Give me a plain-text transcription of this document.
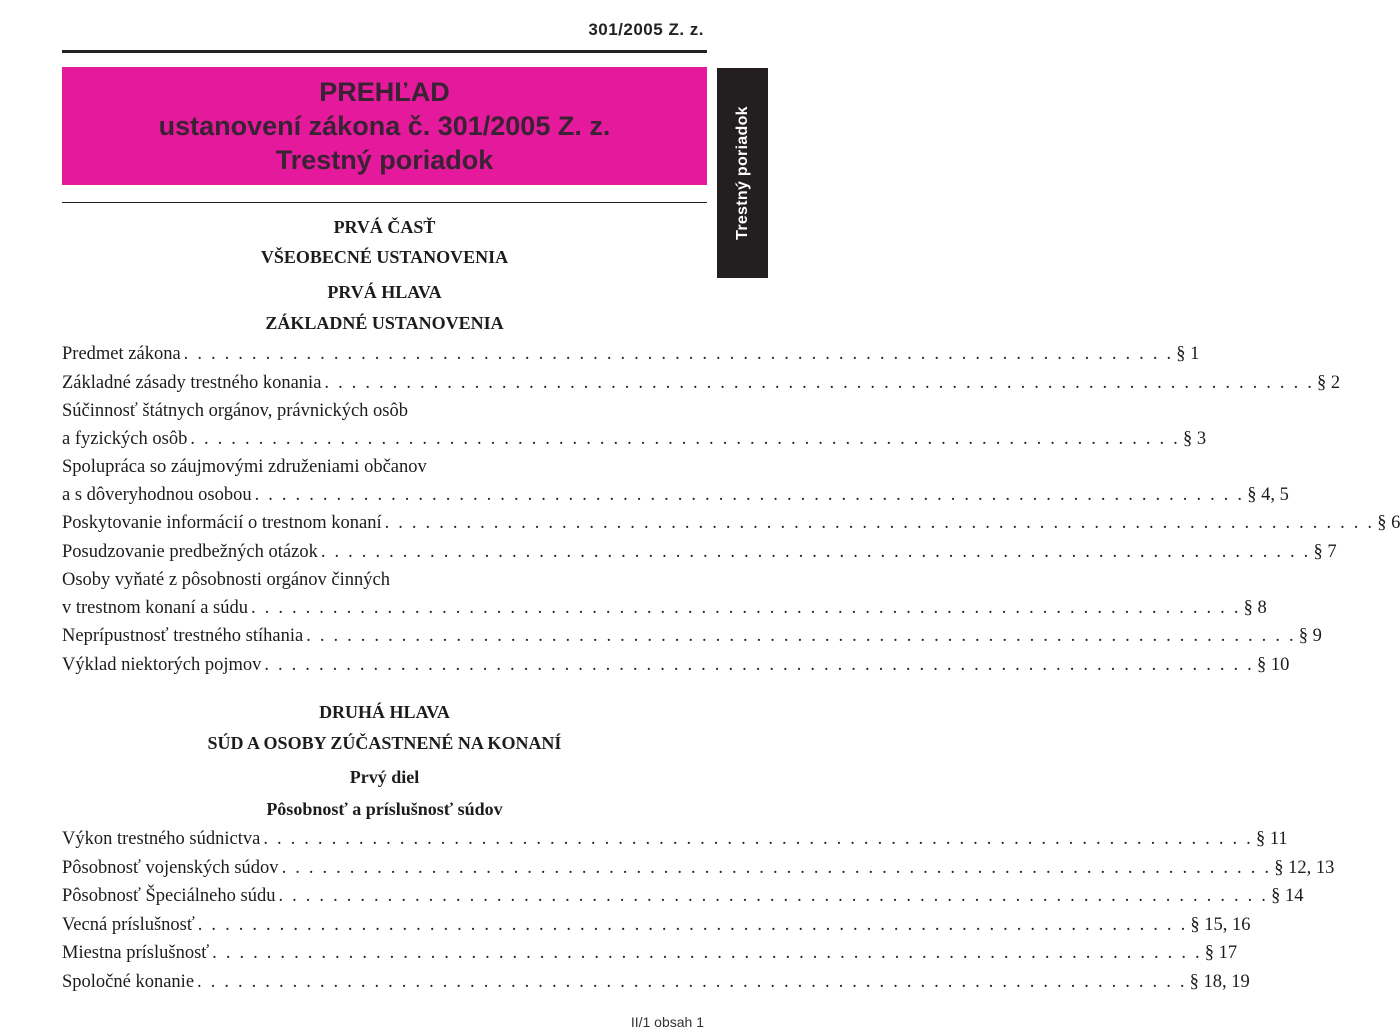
301/2005 Z. z.
PREHĽAD
ustanovení zákona č. 301/2005 Z. z.
Trestný poriadok	Trestný poriadok
PRVÁ ČASŤ
VŠEOBECNÉ USTANOVENIA
PRVÁ HLAVA
ZÁKLADNÉ USTANOVENIA
Predmet zákona . . . . . . . . . . . . . . . . . . . . . . . . . . . . . . . . . . . . . . . . . . . . . . . . . . . . . . . . . . . . . . . . . . . . . . . . . § 1
Základné zásady trestného konania . . . . . . . . . . . . . . . . . . . . . . . . . . . . . . . . . . . . . . . . . . . . . . . . . . . . . . . . . . . . . . . . . . . . . . . . . § 2
Súčinnosť štátnych orgánov, právnických osôb
a fyzických osôb . . . . . . . . . . . . . . . . . . . . . . . . . . . . . . . . . . . . . . . . . . . . . . . . . . . . . . . . . . . . . . . . . . . . . . . . . § 3
Spolupráca so záujmovými združeniami občanov
a s dôveryhodnou osobou . . . . . . . . . . . . . . . . . . . . . . . . . . . . . . . . . . . . . . . . . . . . . . . . . . . . . . . . . . . . . . . . . . . . . . . . . § 4, 5
Poskytovanie informácií o trestnom konaní . . . . . . . . . . . . . . . . . . . . . . . . . . . . . . . . . . . . . . . . . . . . . . . . . . . . . . . . . . . . . . . . . . . . . . . . . § 6
Posudzovanie predbežných otázok . . . . . . . . . . . . . . . . . . . . . . . . . . . . . . . . . . . . . . . . . . . . . . . . . . . . . . . . . . . . . . . . . . . . . . . . . § 7
Osoby vyňaté z pôsobnosti orgánov činných
v trestnom konaní a súdu . . . . . . . . . . . . . . . . . . . . . . . . . . . . . . . . . . . . . . . . . . . . . . . . . . . . . . . . . . . . . . . . . . . . . . . . . § 8
Neprípustnosť trestného stíhania . . . . . . . . . . . . . . . . . . . . . . . . . . . . . . . . . . . . . . . . . . . . . . . . . . . . . . . . . . . . . . . . . . . . . . . . . § 9
Výklad niektorých pojmov . . . . . . . . . . . . . . . . . . . . . . . . . . . . . . . . . . . . . . . . . . . . . . . . . . . . . . . . . . . . . . . . . . . . . . . . . § 10
DRUHÁ HLAVA
SÚD A OSOBY ZÚČASTNENÉ NA KONANÍ
Prvý diel
Pôsobnosť a príslušnosť súdov
Výkon trestného súdnictva . . . . . . . . . . . . . . . . . . . . . . . . . . . . . . . . . . . . . . . . . . . . . . . . . . . . . . . . . . . . . . . . . . . . . . . . . § 11
Pôsobnosť vojenských súdov . . . . . . . . . . . . . . . . . . . . . . . . . . . . . . . . . . . . . . . . . . . . . . . . . . . . . . . . . . . . . . . . . . . . . . . . . § 12, 13
Pôsobnosť Špeciálneho súdu . . . . . . . . . . . . . . . . . . . . . . . . . . . . . . . . . . . . . . . . . . . . . . . . . . . . . . . . . . . . . . . . . . . . . . . . . § 14
Vecná príslušnosť . . . . . . . . . . . . . . . . . . . . . . . . . . . . . . . . . . . . . . . . . . . . . . . . . . . . . . . . . . . . . . . . . . . . . . . . . § 15, 16
Miestna príslušnosť . . . . . . . . . . . . . . . . . . . . . . . . . . . . . . . . . . . . . . . . . . . . . . . . . . . . . . . . . . . . . . . . . . . . . . . . . § 17
Spoločné konanie . . . . . . . . . . . . . . . . . . . . . . . . . . . . . . . . . . . . . . . . . . . . . . . . . . . . . . . . . . . . . . . . . . . . . . . . . § 18, 19
II/1 obsah 1
